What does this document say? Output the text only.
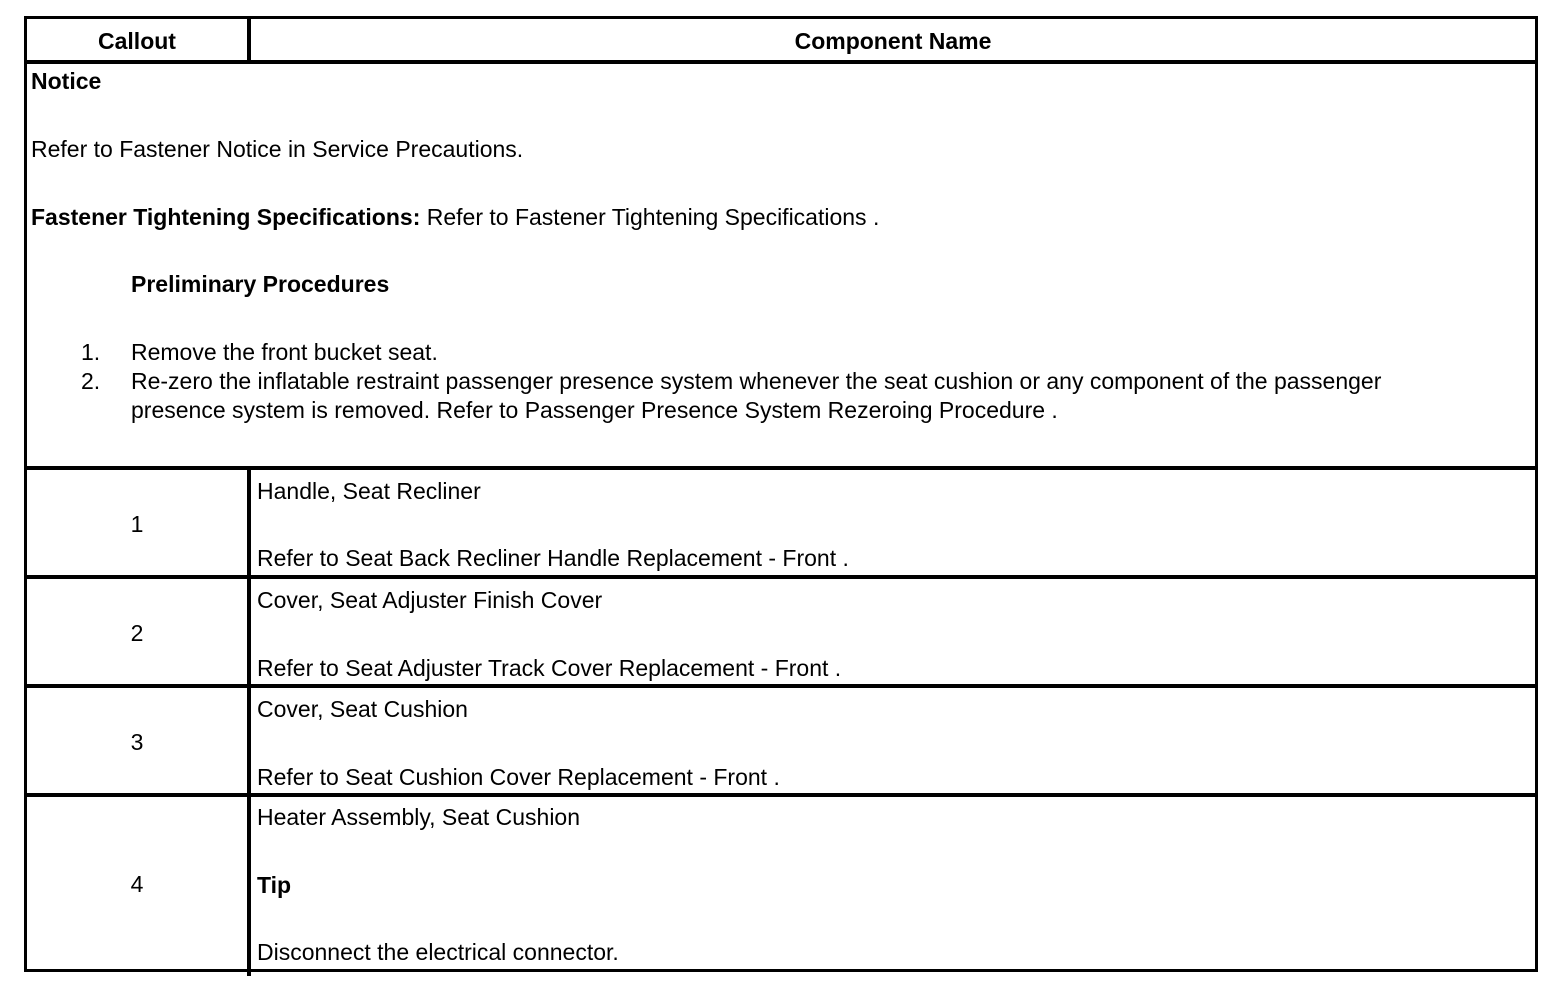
Callout	Component Name
Notice
Refer to Fastener Notice in Service Precautions.
Fastener Tightening Specifications: Refer to Fastener Tightening Specifications .
Preliminary Procedures
1. Remove the front bucket seat.
2. Re-zero the inflatable restraint passenger presence system whenever the seat cushion or any component of the passenger
presence system is removed. Refer to Passenger Presence System Rezeroing Procedure .
1
Handle, Seat Recliner
Refer to Seat Back Recliner Handle Replacement - Front .
2
Cover, Seat Adjuster Finish Cover
Refer to Seat Adjuster Track Cover Replacement - Front .
3
Cover, Seat Cushion
Refer to Seat Cushion Cover Replacement - Front .
4
Heater Assembly, Seat Cushion
Tip
Disconnect the electrical connector.
